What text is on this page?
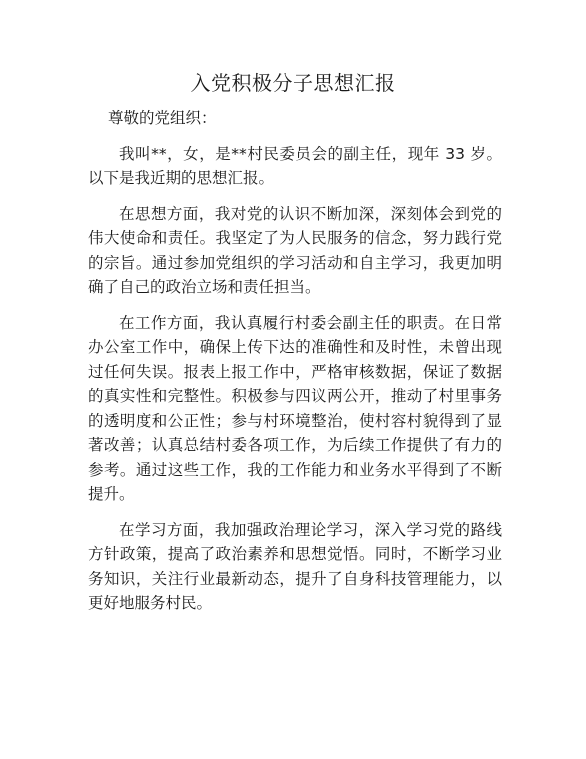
入党积极分子思想汇报

尊敬的党组织：

我叫**，女，是**村民委员会的副主任，现年 33 岁。以下是我近期的思想汇报。

在思想方面，我对党的认识不断加深，深刻体会到党的伟大使命和责任。我坚定了为人民服务的信念，努力践行党的宗旨。通过参加党组织的学习活动和自主学习，我更加明确了自己的政治立场和责任担当。

在工作方面，我认真履行村委会副主任的职责。在日常办公室工作中，确保上传下达的准确性和及时性，未曾出现过任何失误。报表上报工作中，严格审核数据，保证了数据的真实性和完整性。积极参与四议两公开，推动了村里事务的透明度和公正性；参与村环境整治，使村容村貌得到了显著改善；认真总结村委各项工作，为后续工作提供了有力的参考。通过这些工作，我的工作能力和业务水平得到了不断提升。

在学习方面，我加强政治理论学习，深入学习党的路线方针政策，提高了政治素养和思想觉悟。同时，不断学习业务知识，关注行业最新动态，提升了自身科技管理能力，以更好地服务村民。
